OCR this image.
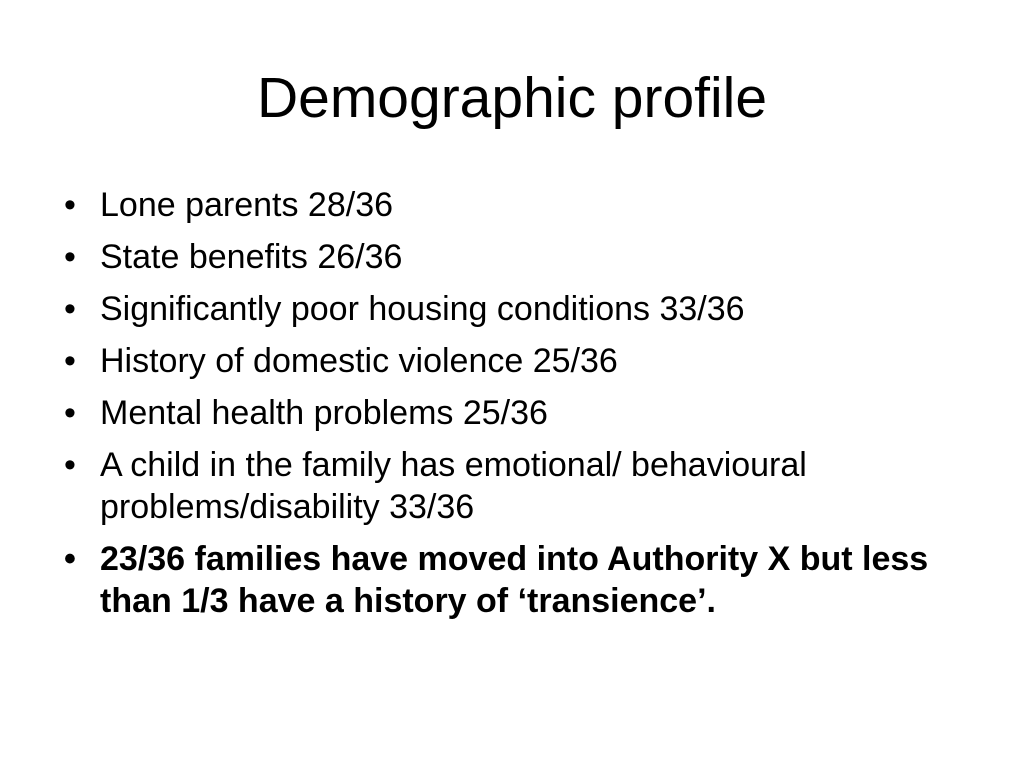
Demographic profile
• Lone parents 28/36
• State benefits 26/36
• Significantly poor housing conditions 33/36
• History of domestic violence 25/36
• Mental health problems 25/36
• A child in the family has emotional/ behavioural problems/disability 33/36
• 23/36 families have moved into Authority X but less than 1/3 have a history of ‘transience’.
